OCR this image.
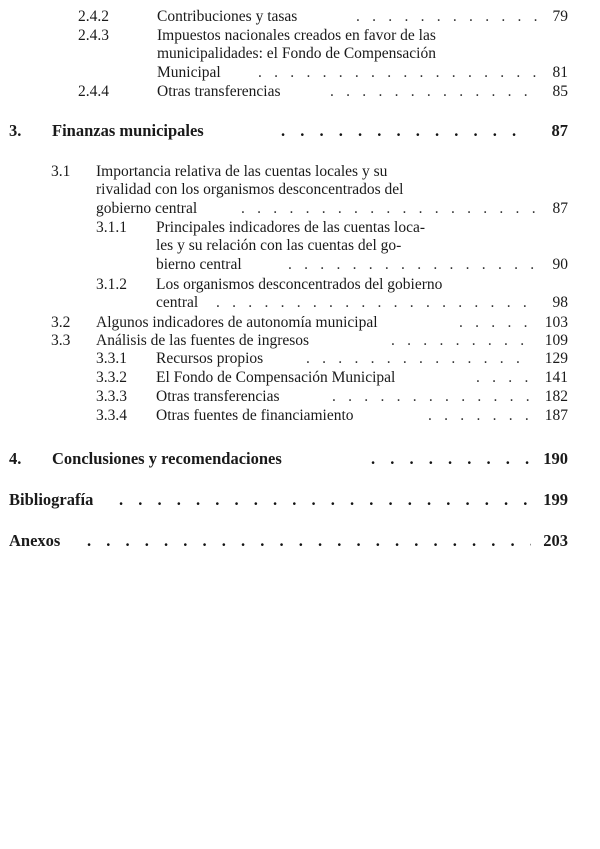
2.4.2	Contribuciones y tasas . . .	79
2.4.3	Impuestos nacionales creados en favor de las
municipalidades: el Fondo de Compensación
Municipal . . .	81
2.4.4	Otras transferencias . . .	85
3. Finanzas municipales . . .	87
3.1 Importancia relativa de las cuentas locales y su
rivalidad con los organismos desconcentrados del
gobierno central . . .	87
3.1.1 Principales indicadores de las cuentas loca-
les y su relación con las cuentas del go-
bierno central . . .	90
3.1.2 Los organismos desconcentrados del gobierno
central . . .	98
3.2 Algunos indicadores de autonomía municipal . . .	103
3.3 Análisis de las fuentes de ingresos . . .	109
3.3.1 Recursos propios . . .	129
3.3.2 El Fondo de Compensación Municipal . . .	141
3.3.3 Otras transferencias . . .	182
3.3.4 Otras fuentes de financiamiento . . .	187
4. Conclusiones y recomendaciones . . .	190
Bibliografía . . .	199
Anexos . . .	203
